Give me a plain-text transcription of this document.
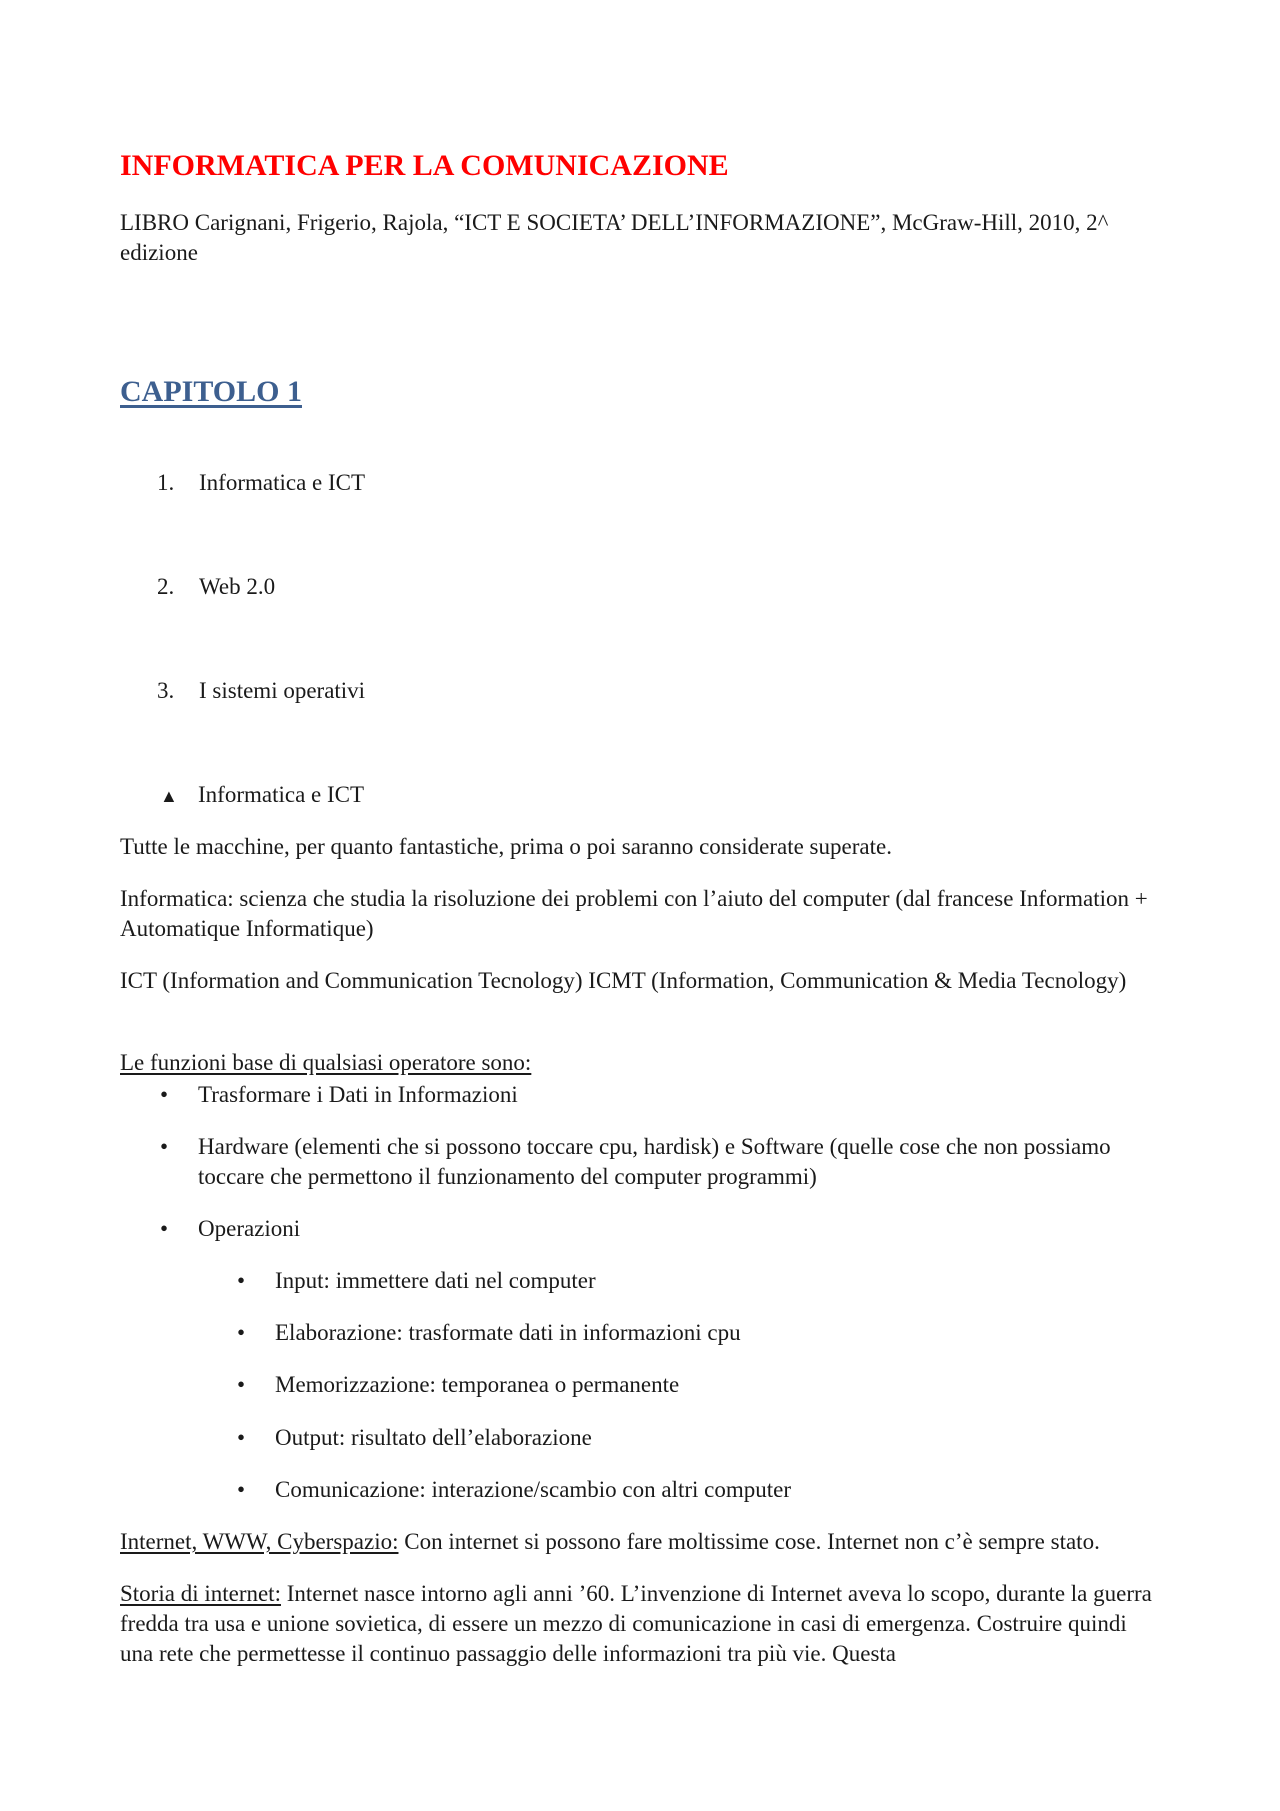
INFORMATICA PER LA COMUNICAZIONE
LIBRO Carignani, Frigerio, Rajola, “ICT E SOCIETA’ DELL’INFORMAZIONE”, McGraw-Hill, 2010, 2^ edizione
CAPITOLO 1
1. Informatica e ICT
2. Web 2.0
3. I sistemi operativi
▲ Informatica e ICT
Tutte le macchine, per quanto fantastiche, prima o poi saranno considerate superate.
Informatica: scienza che studia la risoluzione dei problemi con l’aiuto del computer (dal francese Information + Automatique Informatique)
ICT (Information and Communication Tecnology) ICMT (Information, Communication & Media Tecnology)
Le funzioni base di qualsiasi operatore sono:
• Trasformare i Dati in Informazioni
• Hardware (elementi che si possono toccare cpu, hardisk) e Software (quelle cose che non possiamo toccare che permettono il funzionamento del computer programmi)
• Operazioni
• Input: immettere dati nel computer
• Elaborazione: trasformate dati in informazioni cpu
• Memorizzazione: temporanea o permanente
• Output: risultato dell’elaborazione
• Comunicazione: interazione/scambio con altri computer
Internet, WWW, Cyberspazio: Con internet si possono fare moltissime cose. Internet non c’è sempre stato.
Storia di internet: Internet nasce intorno agli anni ’60. L’invenzione di Internet aveva lo scopo, durante la guerra fredda tra usa e unione sovietica, di essere un mezzo di comunicazione in casi di emergenza. Costruire quindi una rete che permettesse il continuo passaggio delle informazioni tra più vie. Questa
